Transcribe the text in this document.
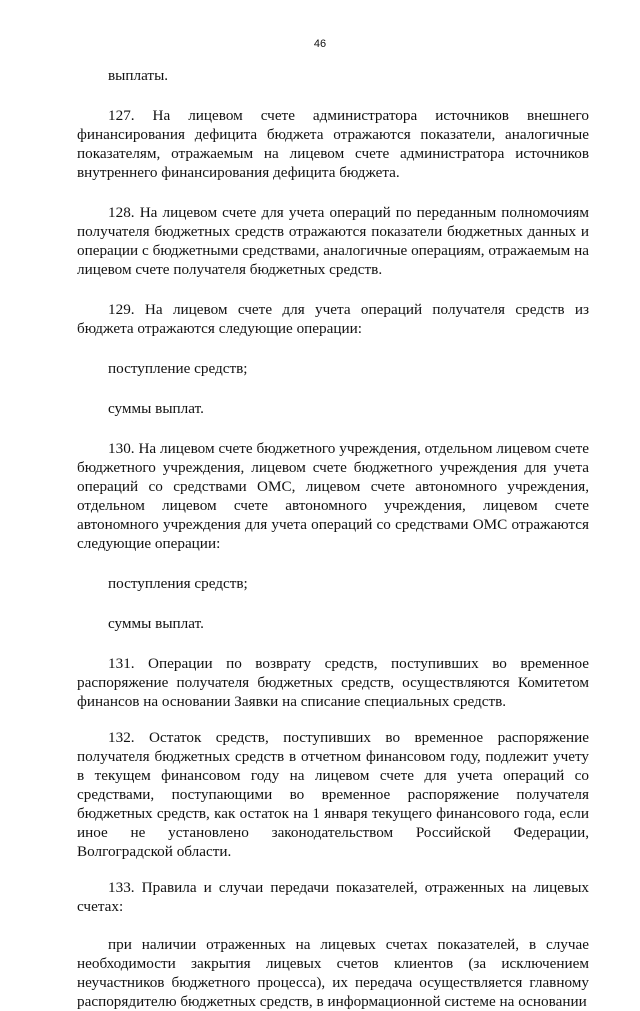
46

выплаты.

127. На лицевом счете администратора источников внешнего финансирования дефицита бюджета отражаются показатели, аналогичные показателям, отражаемым на лицевом счете администратора источников внутреннего финансирования дефицита бюджета.

128. На лицевом счете для учета операций по переданным полномочиям получателя бюджетных средств отражаются показатели бюджетных данных и операции с бюджетными средствами, аналогичные операциям, отражаемым на лицевом счете получателя бюджетных средств.

129. На лицевом счете для учета операций получателя средств из бюджета отражаются следующие операции:

поступление средств;

суммы выплат.

130. На лицевом счете бюджетного учреждения, отдельном лицевом счете бюджетного учреждения, лицевом счете бюджетного учреждения для учета операций со средствами ОМС, лицевом счете автономного учреждения, отдельном лицевом счете автономного учреждения, лицевом счете автономного учреждения для учета операций со средствами ОМС отражаются следующие операции:

поступления средств;

суммы выплат.

131. Операции по возврату средств, поступивших во временное распоряжение получателя бюджетных средств, осуществляются Комитетом финансов на основании Заявки на списание специальных средств.

132. Остаток средств, поступивших во временное распоряжение получателя бюджетных средств в отчетном финансовом году, подлежит учету в текущем финансовом году на лицевом счете для учета операций со средствами, поступающими во временное распоряжение получателя бюджетных средств, как остаток на 1 января текущего финансового года, если иное не установлено законодательством Российской Федерации, Волгоградской области.

133. Правила и случаи передачи показателей, отраженных на лицевых счетах:

при наличии отраженных на лицевых счетах показателей, в случае необходимости закрытия лицевых счетов клиентов (за исключением неучастников бюджетного процесса), их передача осуществляется главному распорядителю бюджетных средств, в информационной системе на основании
